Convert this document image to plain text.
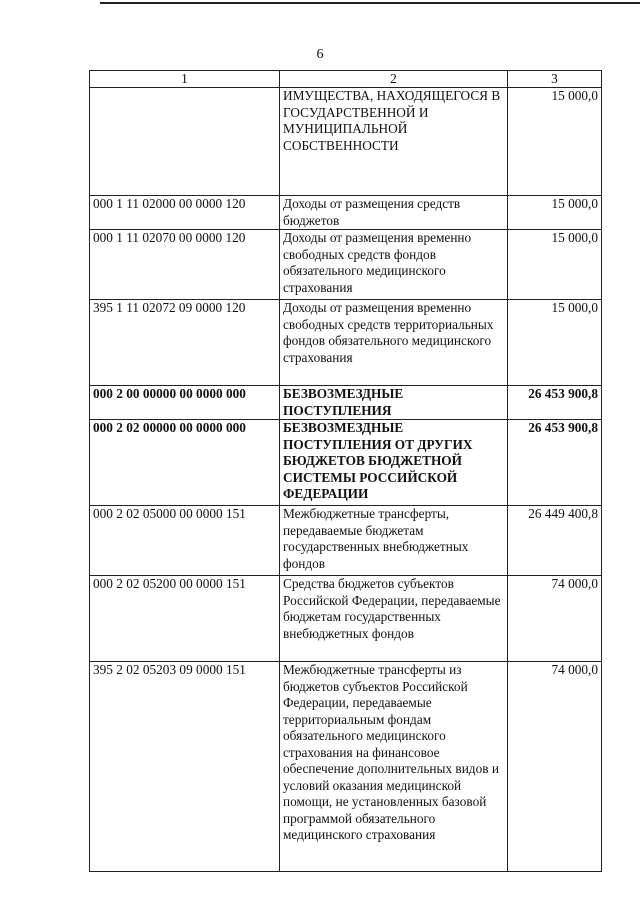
6
1	2	3
	ИМУЩЕСТВА, НАХОДЯЩЕГОСЯ В ГОСУДАРСТВЕННОЙ И МУНИЦИПАЛЬНОЙ СОБСТВЕННОСТИ	15 000,0
000 1 11 02000 00 0000 120	Доходы от размещения средств бюджетов	15 000,0
000 1 11 02070 00 0000 120	Доходы от размещения временно свободных средств фондов обязательного медицинского страхования	15 000,0
395 1 11 02072 09 0000 120	Доходы от размещения временно свободных средств территориальных фондов обязательного медицинского страхования	15 000,0
000 2 00 00000 00 0000 000	БЕЗВОЗМЕЗДНЫЕ ПОСТУПЛЕНИЯ	26 453 900,8
000 2 02 00000 00 0000 000	БЕЗВОЗМЕЗДНЫЕ ПОСТУПЛЕНИЯ ОТ ДРУГИХ БЮДЖЕТОВ БЮДЖЕТНОЙ СИСТЕМЫ РОССИЙСКОЙ ФЕДЕРАЦИИ	26 453 900,8
000 2 02 05000 00 0000 151	Межбюджетные трансферты, передаваемые бюджетам государственных внебюджетных фондов	26 449 400,8
000 2 02 05200 00 0000 151	Средства бюджетов субъектов Российской Федерации, передаваемые бюджетам государственных внебюджетных фондов	74 000,0
395 2 02 05203 09 0000 151	Межбюджетные трансферты из бюджетов субъектов Российской Федерации, передаваемые территориальным фондам обязательного медицинского страхования на финансовое обеспечение дополнительных видов и условий оказания медицинской помощи, не установленных базовой программой обязательного медицинского страхования	74 000,0
